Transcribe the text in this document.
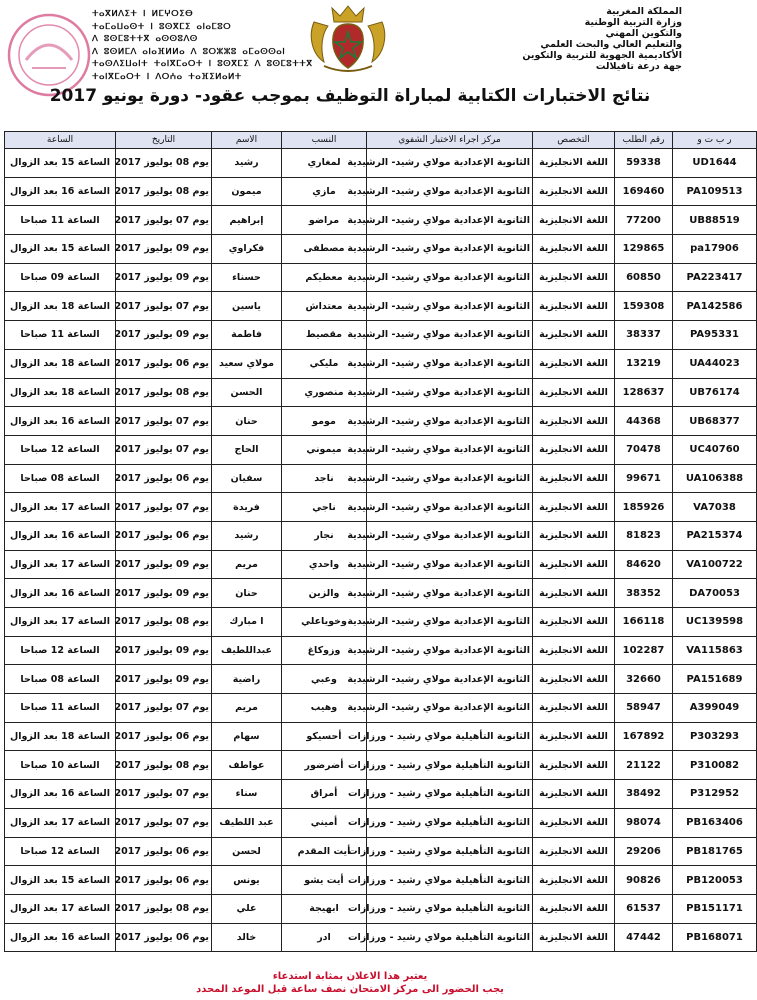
المملكة المغربية
وزارة التربية الوطنية
والتكوين المهني
والتعليم العالي والبحث العلمي
الأكاديمية الجهوية للتربية والتكوين
جهة درعة تافيلالت
ⵜⴰⴳⵍⴷⵉⵜ ⵏ ⵍⵎⵖⵔⵉⴱ
ⵜⴰⵎⴰⵡⴰⵙⵜ ⵏ ⵓⵙⴳⵎⵉ ⴰⵏⴰⵎⵓⵔ
ⴷ ⵓⵙⵎⵓⵜⵜⴳ ⴰⵙⵙⵓⴷⵙ
ⴷ ⵓⵙⵍⵎⴷ ⴰⵏⴰⴼⵍⵍⴰ ⴷ ⵓⵔⵣⵣⵓ ⴰⵎⴰⵙⵙⴰⵏ
ⵜⴰⵙⴷⵉⵡⴰⵏⵜ ⵜⴰⵏⴳⵎⴰⵔⵜ ⵏ ⵓⵙⴳⵎⵉ ⴷ ⵓⵙⵎⵓⵜⵜⴳ
ⵜⴰⵏⴳⵎⴰⵔⵜ ⵏ ⴷⵔⵄⴰ ⵜⴰⴼⵉⵍⴰⵍⵜ
نتائج الاختبارات الكتابية لمباراة التوظيف بموجب عقود- دورة يونيو 2017
ر ب ت و	رقم الطلب	التخصص	مركز اجراء الاختبار الشفوي	النسب	الاسم	التاريخ	الساعة
UD1644	59338	اللغة الانجليزية	الثانوية الإعدادية مولاي رشيد- الرشيدية	لمغاري	رشيد	يوم 08 يوليوز 2017	الساعة 15 بعد الزوال
PA109513	169460	اللغة الانجليزية	الثانوية الإعدادية مولاي رشيد- الرشيدية	مازي	ميمون	يوم 08 يوليوز 2017	الساعة 16 بعد الزوال
UB88519	77200	اللغة الانجليزية	الثانوية الإعدادية مولاي رشيد- الرشيدية	مراضو	إبراهيم	يوم 07 يوليوز 2017	الساعة 11 صباحا
pa17906	129865	اللغة الانجليزية	الثانوية الإعدادية مولاي رشيد- الرشيدية	مصطفى	فكراوي	يوم 09 يوليوز 2017	الساعة 15 بعد الزوال
PA223417	60850	اللغة الانجليزية	الثانوية الإعدادية مولاي رشيد- الرشيدية	معطيكم	حسناء	يوم 09 يوليوز 2017	الساعة 09 صباحا
PA142586	159308	اللغة الانجليزية	الثانوية الإعدادية مولاي رشيد- الرشيدية	معتداش	ياسين	يوم 07 يوليوز 2017	الساعة 18 بعد الزوال
PA95331	38337	اللغة الانجليزية	الثانوية الإعدادية مولاي رشيد- الرشيدية	مقصيط	فاطمة	يوم 09 يوليوز 2017	الساعة 11 صباحا
UA44023	13219	اللغة الانجليزية	الثانوية الإعدادية مولاي رشيد- الرشيدية	مليكي	مولاي سعيد	يوم 06 يوليوز 2017	الساعة 18 بعد الزوال
UB76174	128637	اللغة الانجليزية	الثانوية الإعدادية مولاي رشيد- الرشيدية	منصوري	الحسن	يوم 08 يوليوز 2017	الساعة 18 بعد الزوال
UB68377	44368	اللغة الانجليزية	الثانوية الإعدادية مولاي رشيد- الرشيدية	مومو	حنان	يوم 07 يوليوز 2017	الساعة 16 بعد الزوال
UC40760	70478	اللغة الانجليزية	الثانوية الإعدادية مولاي رشيد- الرشيدية	ميموني	الحاج	يوم 07 يوليوز 2017	الساعة 12 صباحا
UA106388	99671	اللغة الانجليزية	الثانوية الإعدادية مولاي رشيد- الرشيدية	ناجد	سفيان	يوم 06 يوليوز 2017	الساعة 08 صباحا
VA7038	185926	اللغة الانجليزية	الثانوية الإعدادية مولاي رشيد- الرشيدية	ناجي	فريدة	يوم 07 يوليوز 2017	الساعة 17 بعد الزوال
PA215374	81823	اللغة الانجليزية	الثانوية الإعدادية مولاي رشيد- الرشيدية	نجار	رشيد	يوم 06 يوليوز 2017	الساعة 16 بعد الزوال
VA100722	84620	اللغة الانجليزية	الثانوية الإعدادية مولاي رشيد- الرشيدية	واحدي	مريم	يوم 09 يوليوز 2017	الساعة 17 بعد الزوال
DA70053	38352	اللغة الانجليزية	الثانوية الإعدادية مولاي رشيد- الرشيدية	والزين	حنان	يوم 09 يوليوز 2017	الساعة 16 بعد الزوال
UC139598	166118	اللغة الانجليزية	الثانوية الإعدادية مولاي رشيد- الرشيدية	وخوياعلي	ا مبارك	يوم 08 يوليوز 2017	الساعة 17 بعد الزوال
VA115863	102287	اللغة الانجليزية	الثانوية الإعدادية مولاي رشيد- الرشيدية	وزوكاغ	عبداللطيف	يوم 09 يوليوز 2017	الساعة 12 صباحا
PA151689	32660	اللغة الانجليزية	الثانوية الإعدادية مولاي رشيد- الرشيدية	وعبي	راضية	يوم 09 يوليوز 2017	الساعة 08 صباحا
A399049	58947	اللغة الانجليزية	الثانوية الإعدادية مولاي رشيد- الرشيدية	وهيب	مريم	يوم 07 يوليوز 2017	الساعة 11 صباحا
P303293	167892	اللغة الانجليزية	الثانوية التأهيلية مولاي رشيد - ورزازات	أحسيكو	سهام	يوم 06 يوليوز 2017	الساعة 18 بعد الزوال
P310082	21122	اللغة الانجليزية	الثانوية التأهيلية مولاي رشيد - ورزازات	أضرضور	عواطف	يوم 08 يوليوز 2017	الساعة 10 صباحا
P312952	38492	اللغة الانجليزية	الثانوية التأهيلية مولاي رشيد - ورزازات	أمراق	سناء	يوم 07 يوليوز 2017	الساعة 16 بعد الزوال
PB163406	98074	اللغة الانجليزية	الثانوية التأهيلية مولاي رشيد - ورزازات	أميني	عبد اللطيف	يوم 07 يوليوز 2017	الساعة 17 بعد الزوال
PB181765	29206	اللغة الانجليزية	الثانوية التأهيلية مولاي رشيد - ورزازات	أيت المقدم	لحسن	يوم 06 يوليوز 2017	الساعة 12 صباحا
PB120053	90826	اللغة الانجليزية	الثانوية التأهيلية مولاي رشيد - ورزازات	أيت يشو	يونس	يوم 06 يوليوز 2017	الساعة 15 بعد الزوال
PB151171	61537	اللغة الانجليزية	الثانوية التأهيلية مولاي رشيد - ورزازات	ابهيجة	علي	يوم 08 يوليوز 2017	الساعة 17 بعد الزوال
PB168071	47442	اللغة الانجليزية	الثانوية التأهيلية مولاي رشيد - ورزازات	ادر	خالد	يوم 06 يوليوز 2017	الساعة 16 بعد الزوال
يعتبر هذا الاعلان بمثابة استدعاء
يجب الحضور الى مركز الامتحان نصف ساعة قبل الموعد المحدد
